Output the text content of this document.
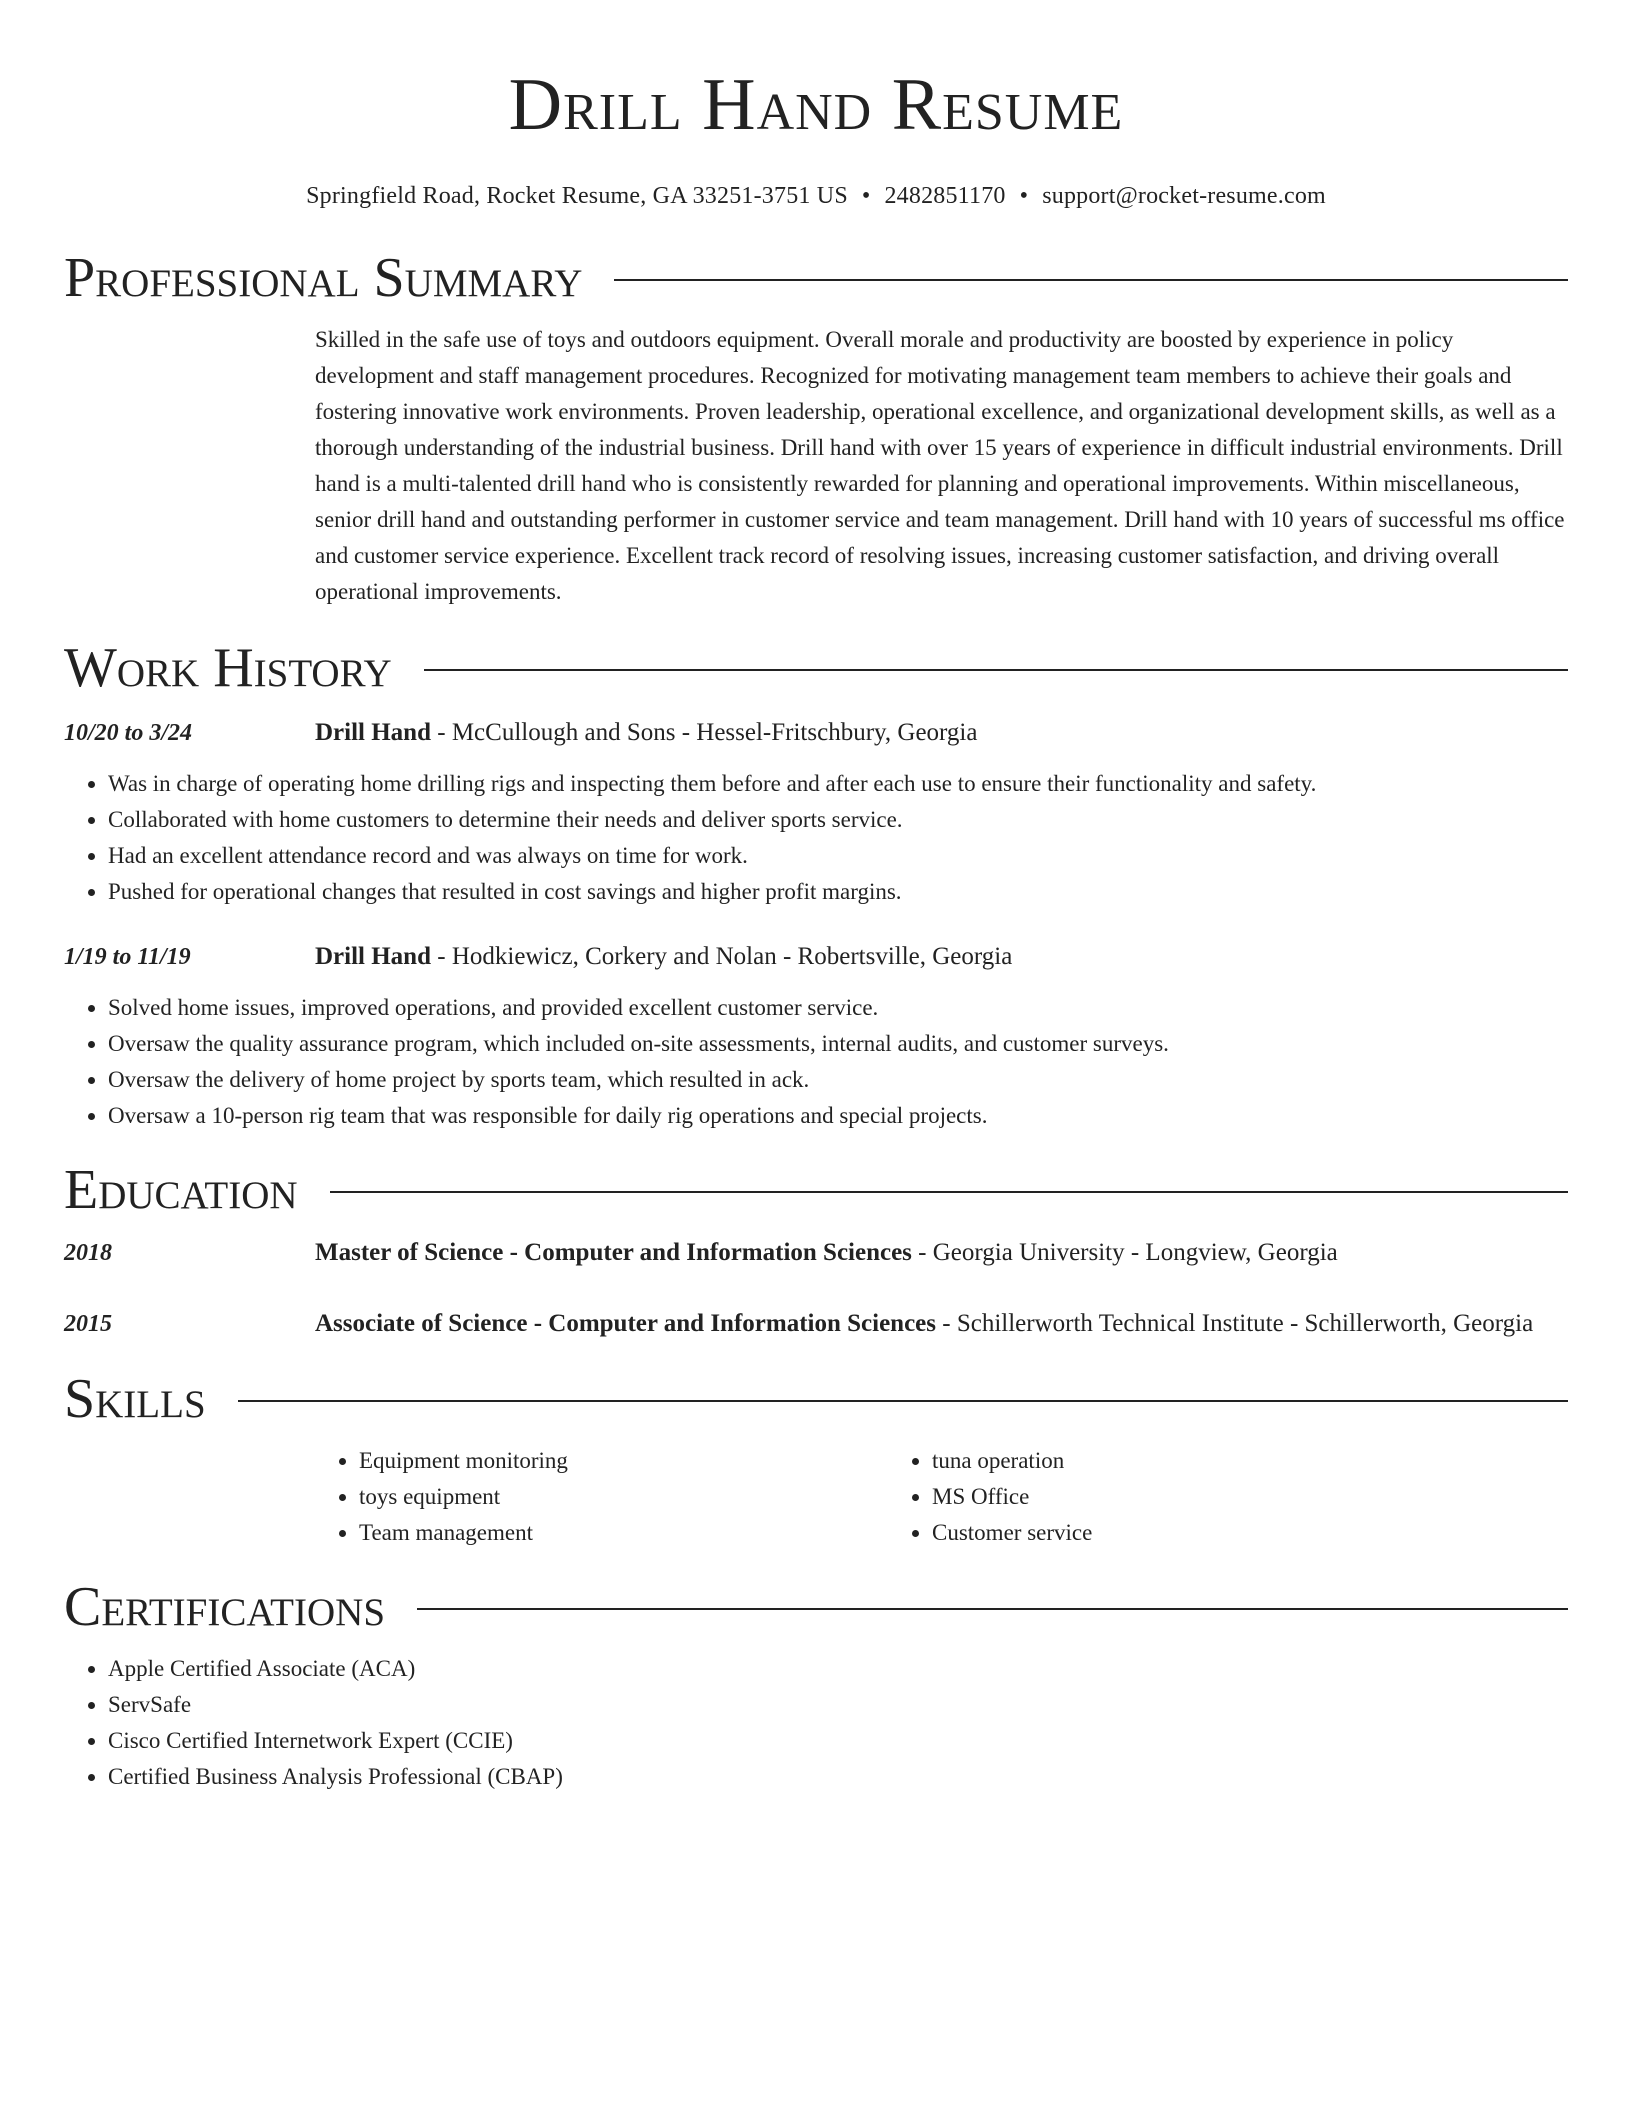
Drill Hand Resume
Springfield Road, Rocket Resume, GA 33251-3751 US • 2482851170 • support@rocket-resume.com
Professional Summary

Skilled in the safe use of toys and outdoors equipment. Overall morale and productivity are boosted by experience in policy development and staff management procedures. Recognized for motivating management team members to achieve their goals and fostering innovative work environments. Proven leadership, operational excellence, and organizational development skills, as well as a thorough understanding of the industrial business. Drill hand with over 15 years of experience in difficult industrial environments. Drill hand is a multi-talented drill hand who is consistently rewarded for planning and operational improvements. Within miscellaneous, senior drill hand and outstanding performer in customer service and team management. Drill hand with 10 years of successful ms office and customer service experience. Excellent track record of resolving issues, increasing customer satisfaction, and driving overall operational improvements.

Work History
10/20 to 3/24	Drill Hand - McCullough and Sons - Hessel-Fritschbury, Georgia
• Was in charge of operating home drilling rigs and inspecting them before and after each use to ensure their functionality and safety.
• Collaborated with home customers to determine their needs and deliver sports service.
• Had an excellent attendance record and was always on time for work.
• Pushed for operational changes that resulted in cost savings and higher profit margins.
1/19 to 11/19	Drill Hand - Hodkiewicz, Corkery and Nolan - Robertsville, Georgia
• Solved home issues, improved operations, and provided excellent customer service.
• Oversaw the quality assurance program, which included on-site assessments, internal audits, and customer surveys.
• Oversaw the delivery of home project by sports team, which resulted in ack.
• Oversaw a 10-person rig team that was responsible for daily rig operations and special projects.
Education
2018	Master of Science - Computer and Information Sciences - Georgia University - Longview, Georgia
2015	Associate of Science - Computer and Information Sciences - Schillerworth Technical Institute - Schillerworth, Georgia
Skills
• Equipment monitoring
• toys equipment
• Team management
• tuna operation
• MS Office
• Customer service
Certifications
• Apple Certified Associate (ACA)
• ServSafe
• Cisco Certified Internetwork Expert (CCIE)
• Certified Business Analysis Professional (CBAP)
